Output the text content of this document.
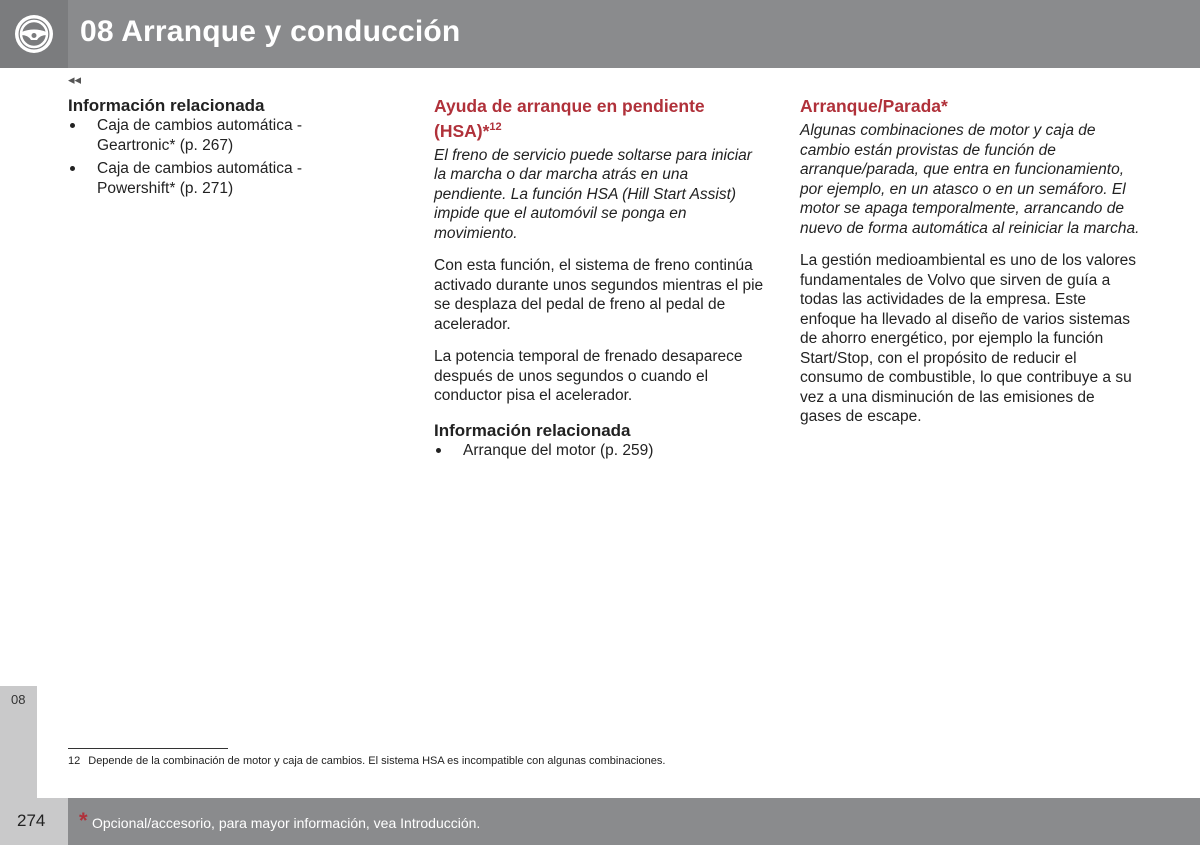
08 Arranque y conducción
◂◂
Información relacionada
Caja de cambios automática - Geartronic* (p. 267)
Caja de cambios automática - Powershift* (p. 271)
Ayuda de arranque en pendiente (HSA)*$^{12}$

El freno de servicio puede soltarse para iniciar la marcha o dar marcha atrás en una pendiente. La función HSA (Hill Start Assist) impide que el automóvil se ponga en movimiento.

Con esta función, el sistema de freno continúa activado durante unos segundos mientras el pie se desplaza del pedal de freno al pedal de acelerador.

La potencia temporal de frenado desaparece después de unos segundos o cuando el conductor pisa el acelerador.

Información relacionada
Arranque del motor (p. 259)
Arranque/Parada*

Algunas combinaciones de motor y caja de cambio están provistas de función de arranque/parada, que entra en funcionamiento, por ejemplo, en un atasco o en un semáforo. El motor se apaga temporalmente, arrancando de nuevo de forma automática al reiniciar la marcha.

La gestión medioambiental es uno de los valores fundamentales de Volvo que sirven de guía a todas las actividades de la empresa. Este enfoque ha llevado al diseño de varios sistemas de ahorro energético, por ejemplo la función Start/Stop, con el propósito de reducir el consumo de combustible, lo que contribuye a su vez a una disminución de las emisiones de gases de escape.

08
12 Depende de la combinación de motor y caja de cambios. El sistema HSA es incompatible con algunas combinaciones.
274 * Opcional/accesorio, para mayor información, vea Introducción.
